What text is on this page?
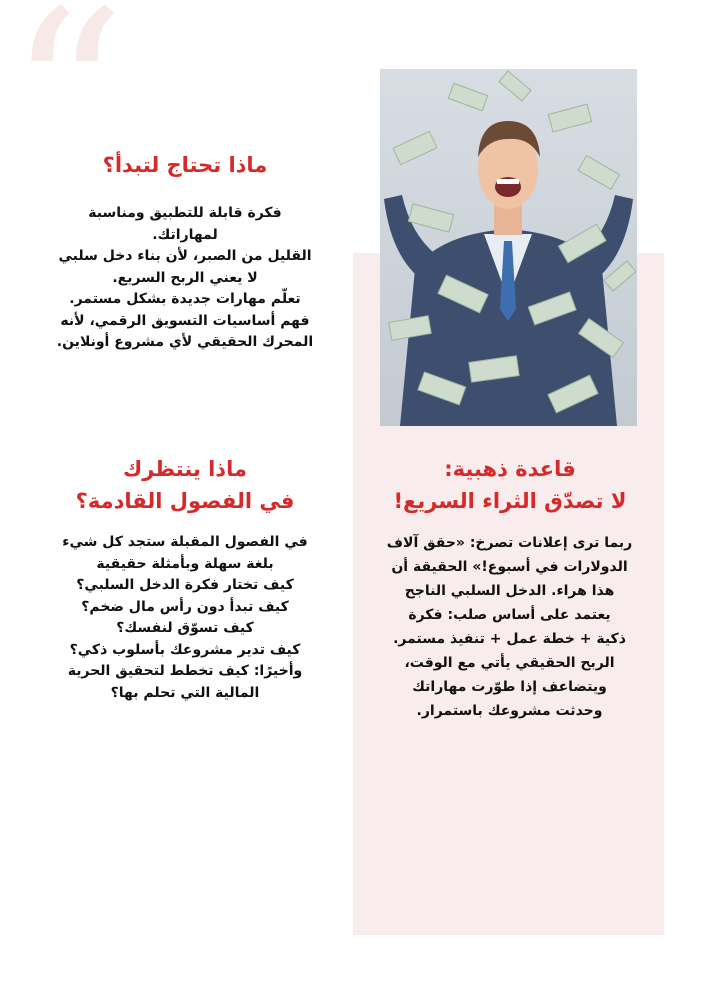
“
ماذا تحتاج لتبدأ؟
فكرة قابلة للتطبيق ومناسبة
لمهاراتك.
القليل من الصبر، لأن بناء دخل سلبي
لا يعني الربح السريع.
تعلّم مهارات جديدة بشكل مستمر.
فهم أساسيات التسويق الرقمي، لأنه
المحرك الحقيقي لأي مشروع أونلاين.
ماذا ينتظرك
في الفصول القادمة؟
في الفصول المقبلة ستجد كل شيء
بلغة سهلة وبأمثلة حقيقية
كيف تختار فكرة الدخل السلبي؟
كيف تبدأ دون رأس مال ضخم؟
كيف تسوّق لنفسك؟
كيف تدير مشروعك بأسلوب ذكي؟
وأخيرًا: كيف تخطط لتحقيق الحرية
المالية التي تحلم بها؟
قاعدة ذهبية:
لا تصدّق الثراء السريع!
ربما ترى إعلانات تصرخ: «حقق آلاف
الدولارات في أسبوع!» الحقيقة أن
هذا هراء. الدخل السلبي الناجح
يعتمد على أساس صلب: فكرة
ذكية + خطة عمل + تنفيذ مستمر.
الربح الحقيقي يأتي مع الوقت،
ويتضاعف إذا طوّرت مهاراتك
وحدثت مشروعك باستمرار.
